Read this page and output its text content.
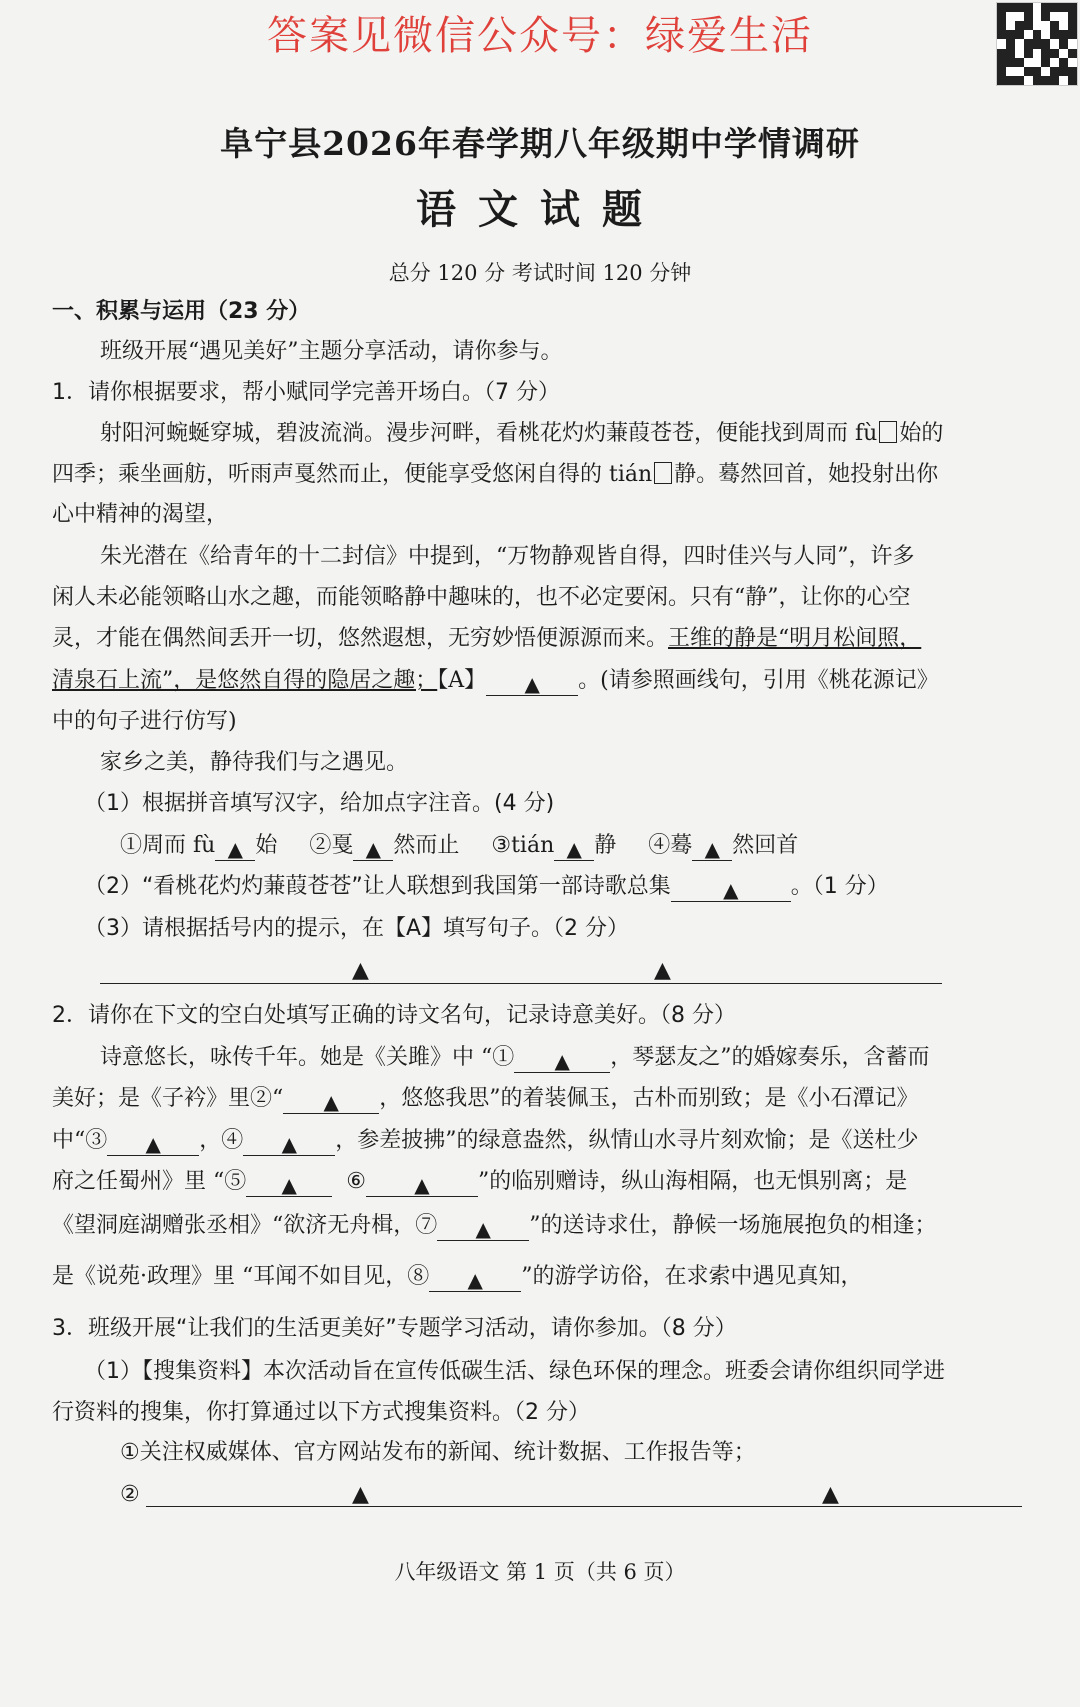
答案见微信公众号：绿爱生活
阜宁县2026年春学期八年级期中学情调研
语文试题
总分 120 分 考试时间 120 分钟
一、积累与运用（23 分）
班级开展“遇见美好”主题分享活动，请你参与。
1．请你根据要求，帮小赋同学完善开场白。（7 分）
射阳河蜿蜒穿城，碧波流淌。漫步河畔，看桃花灼灼蒹葭苍苍，便能找到周而 fù 始的
四季；乘坐画舫，听雨声戛然而止，便能享受悠闲自得的 tián 静。蓦然回首，她投射出你
心中精神的渴望，
朱光潜在《给青年的十二封信》中提到，“万物静观皆自得，四时佳兴与人同”，许多
闲人未必能领略山水之趣，而能领略静中趣味的，也不必定要闲。只有“静”，让你的心空
灵，才能在偶然间丢开一切，悠然遐想，无穷妙悟便源源而来。王维的静是“明月松间照，
清泉石上流”，是悠然自得的隐居之趣；【A】 ▲ 。(请参照画线句，引用《桃花源记》
中的句子进行仿写)
家乡之美，静待我们与之遇见。
（1）根据拼音填写汉字，给加点字注音。(4 分)
①周而 fù ▲ 始 ②戛 ▲ 然而止 ③tián ▲ 静 ④蓦 ▲ 然回首
（2）“看桃花灼灼蒹葭苍苍”让人联想到我国第一部诗歌总集	▲ 。（1 分）
（3）请根据括号内的提示，在【A】填写句子。（2 分）
▲	▲
2．请你在下文的空白处填写正确的诗文名句，记录诗意美好。（8 分）
诗意悠长，咏传千年。她是《关雎》中 “① ▲ ，琴瑟友之”的婚嫁奏乐，含蓄而
美好；是《子衿》里②“ ▲ ，悠悠我思”的着装佩玉，古朴而别致；是《小石潭记》
中“③ ▲ ，④ ▲ ，参差披拂”的绿意盎然，纵情山水寻片刻欢愉；是《送杜少
府之任蜀州》里 “⑤ ▲ ⑥ ▲ ”的临别赠诗，纵山海相隔，也无惧别离；是
《望洞庭湖赠张丞相》“欲济无舟楫，⑦ ▲ ”的送诗求仕，静候一场施展抱负的相逢；
是《说苑·政理》里 “耳闻不如目见，⑧ ▲ ”的游学访俗，在求索中遇见真知，
3．班级开展“让我们的生活更美好”专题学习活动，请你参加。（8 分）
（1）【搜集资料】本次活动旨在宣传低碳生活、绿色环保的理念。班委会请你组织同学进
行资料的搜集，你打算通过以下方式搜集资料。（2 分）
①关注权威媒体、官方网站发布的新闻、统计数据、工作报告等；
②	▲	▲
八年级语文 第 1 页（共 6 页）
